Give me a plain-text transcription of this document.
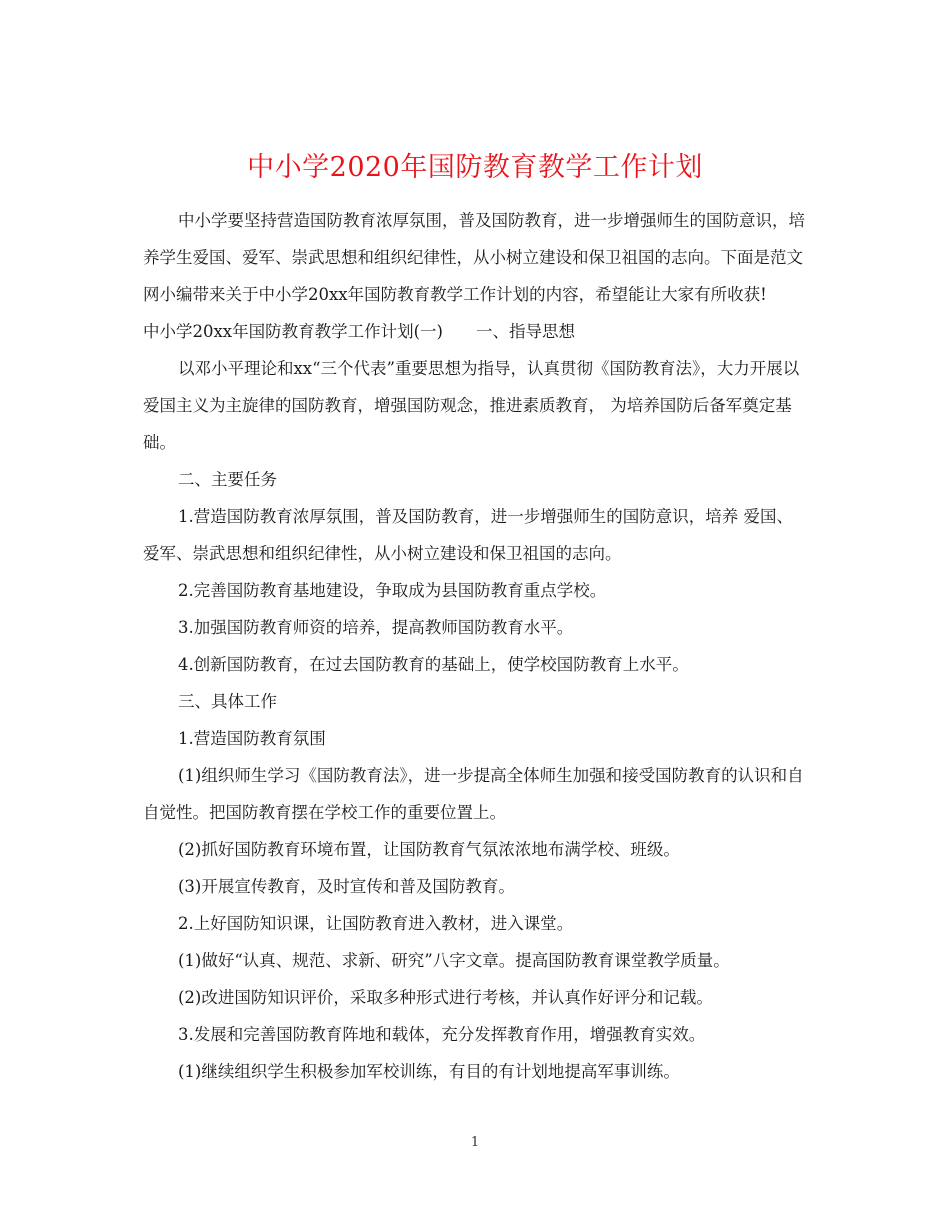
中小学2020年国防教育教学工作计划

中小学要坚持营造国防教育浓厚氛围，普及国防教育，进一步增强师生的国防意识，培养学生爱国、爱军、崇武思想和组织纪律性，从小树立建设和保卫祖国的志向。下面是范文网小编带来关于中小学20xx年国防教育教学工作计划的内容，希望能让大家有所收获!

中小学20xx年国防教育教学工作计划(一)　　一、指导思想

以邓小平理论和xx“三个代表”重要思想为指导，认真贯彻《国防教育法》，大力开展以爱国主义为主旋律的国防教育，增强国防观念，推进素质教育， 为培养国防后备军奠定基础。

二、主要任务

1.营造国防教育浓厚氛围，普及国防教育，进一步增强师生的国防意识，培养 爱国、爱军、崇武思想和组织纪律性，从小树立建设和保卫祖国的志向。

2.完善国防教育基地建设，争取成为县国防教育重点学校。

3.加强国防教育师资的培养，提高教师国防教育水平。

4.创新国防教育，在过去国防教育的基础上，使学校国防教育上水平。

三、具体工作

1.营造国防教育氛围

(1)组织师生学习《国防教育法》，进一步提高全体师生加强和接受国防教育的认识和自自觉性。把国防教育摆在学校工作的重要位置上。

(2)抓好国防教育环境布置，让国防教育气氛浓浓地布满学校、班级。

(3)开展宣传教育，及时宣传和普及国防教育。

2.上好国防知识课，让国防教育进入教材，进入课堂。

(1)做好“认真、规范、求新、研究”八字文章。提高国防教育课堂教学质量。

(2)改进国防知识评价，采取多种形式进行考核，并认真作好评分和记载。

3.发展和完善国防教育阵地和载体，充分发挥教育作用，增强教育实效。

(1)继续组织学生积极参加军校训练，有目的有计划地提高军事训练。

1
